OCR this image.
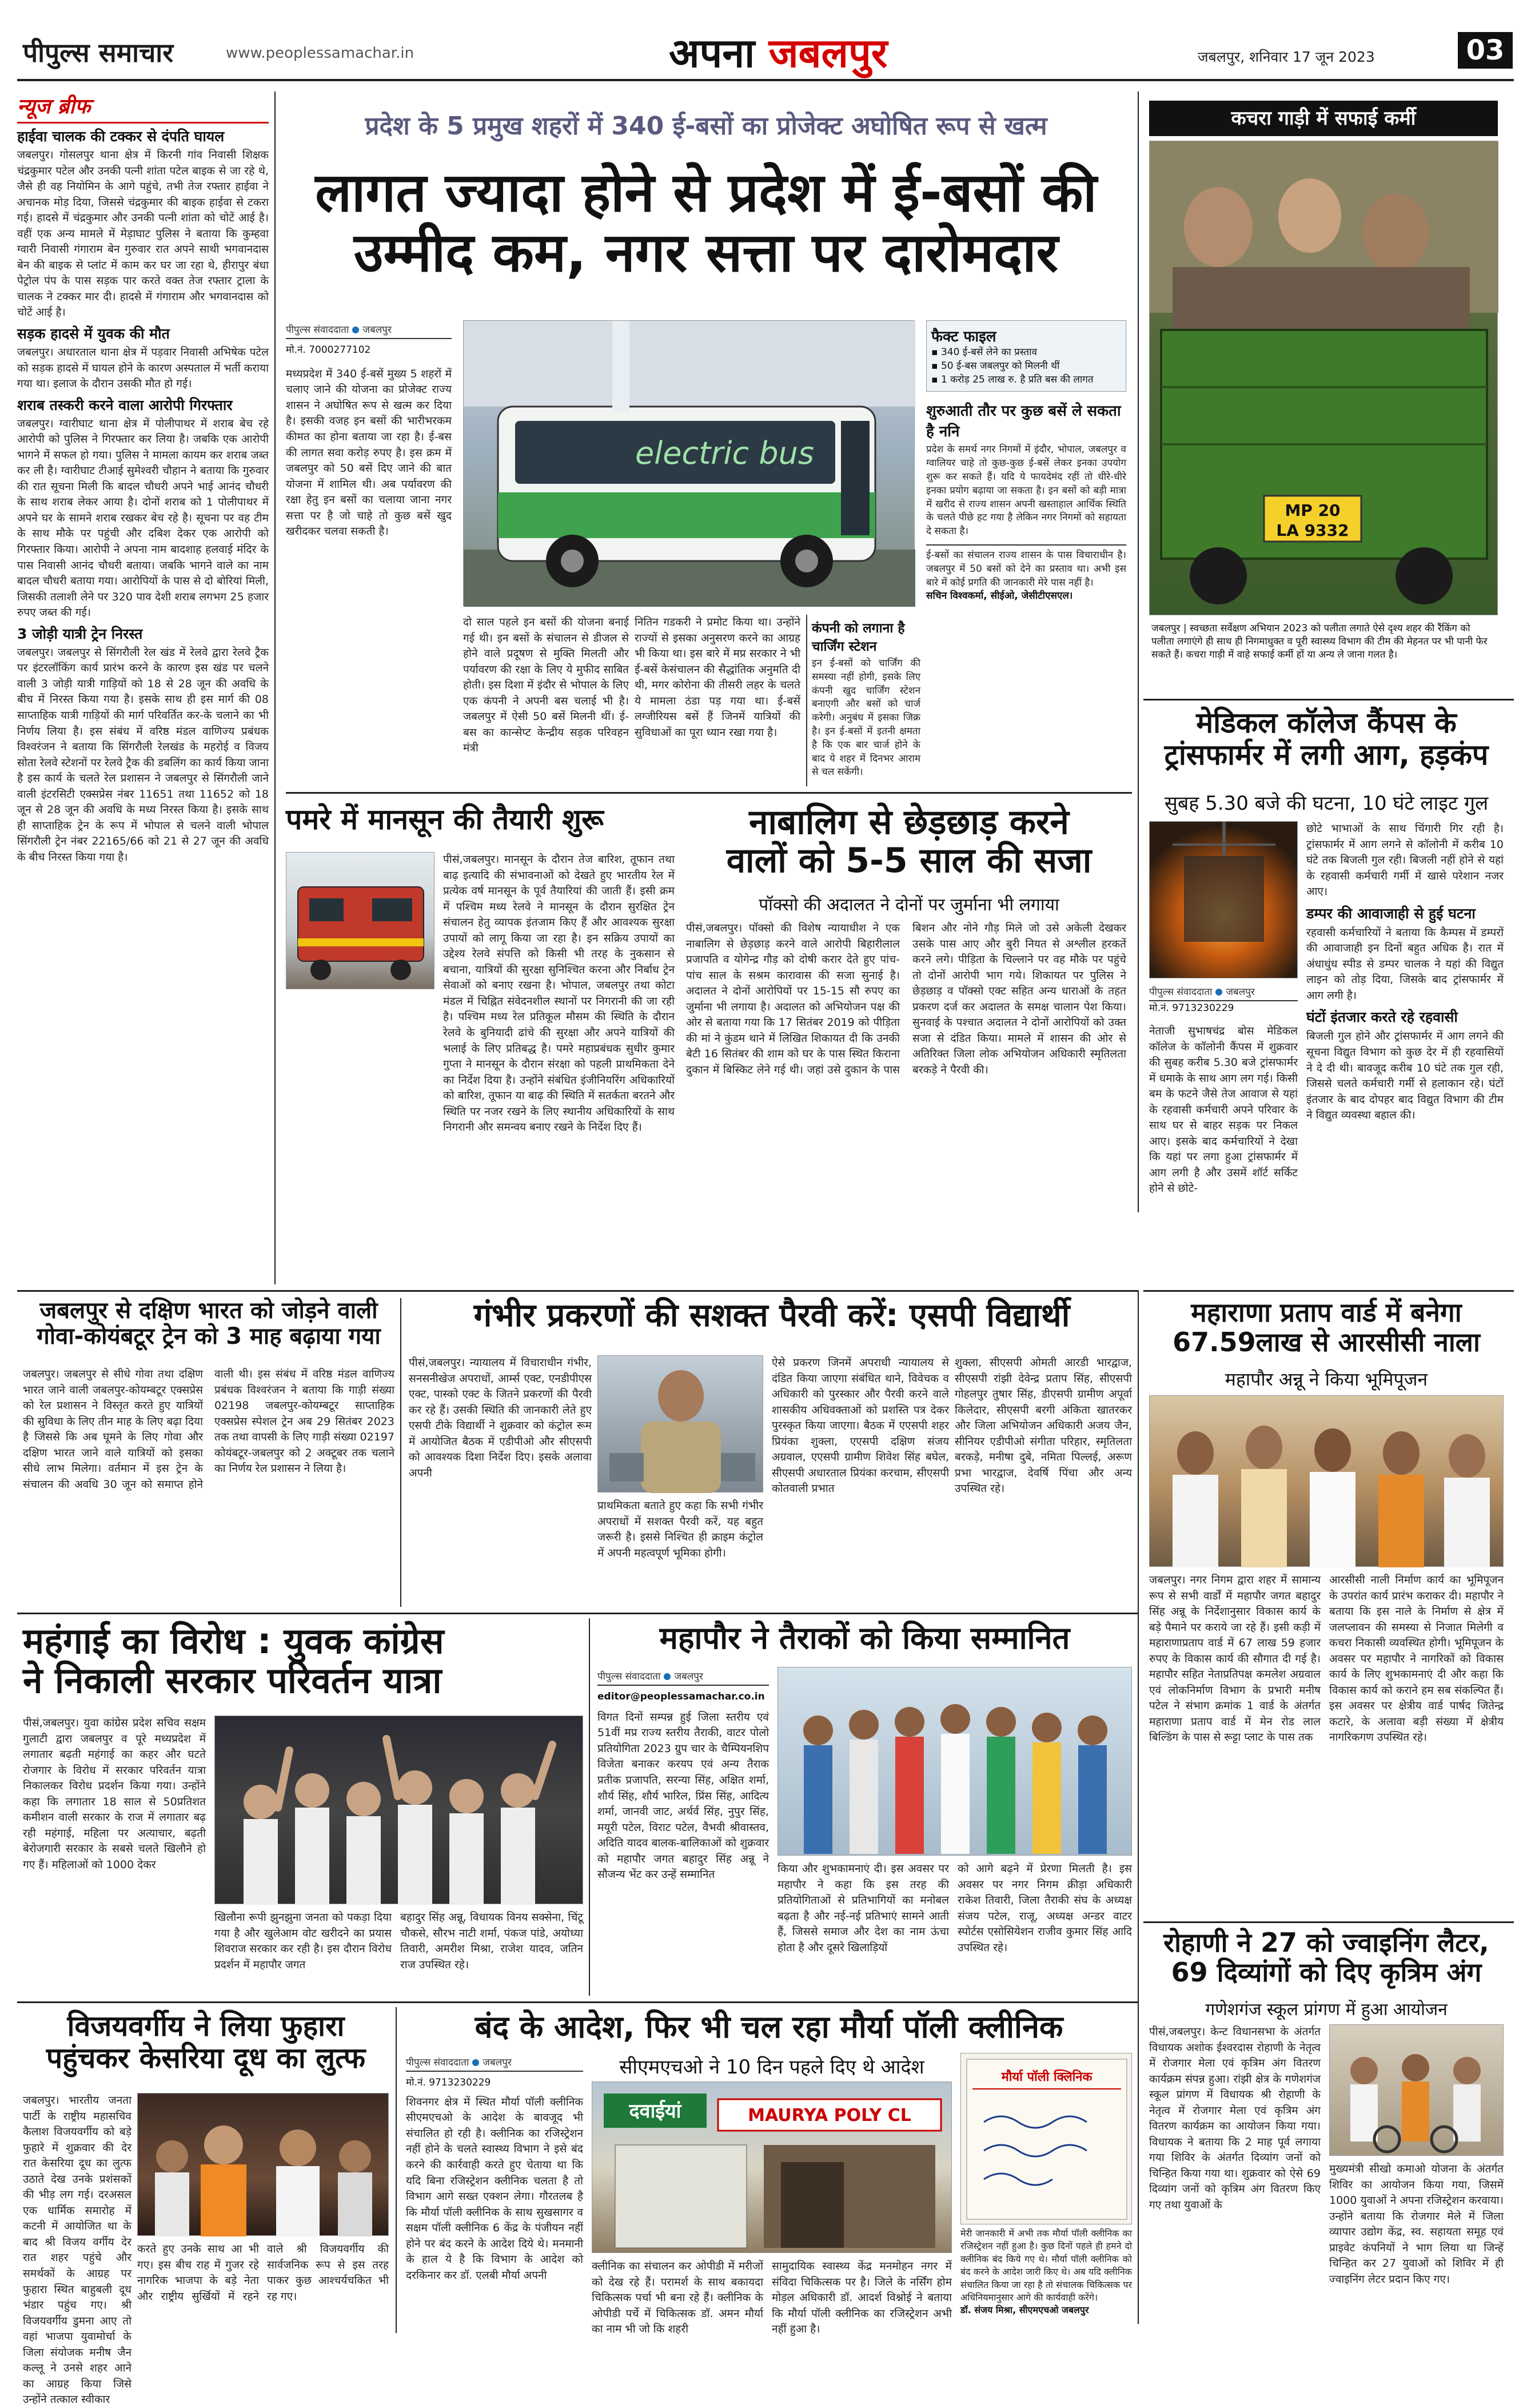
पीपुल्स समाचार	www.peoplessamachar.in	अपना जबलपुर	जबलपुर, शनिवार 17 जून 2023	03
न्यूज ब्रीफ
हाईवा चालक की टक्कर से दंपति घायल
जबलपुर। गोसलपुर थाना क्षेत्र में किरनी गांव निवासी शिक्षक चंद्रकुमार पटेल और उनकी पत्नी शांता पटेल बाइक से जा रहे थे, जैसे ही वह नियोमिन के आगे पहुंचे, तभी तेज रफ्तार हाईवा ने अचानक मोड़ दिया, जिससे चंद्रकुमार की बाइक हाईवा से टकरा गई। हादसे में चंद्रकुमार और उनकी पत्नी शांता को चोटें आई है। वहीं एक अन्य मामले में मेड़ाघाट पुलिस ने बताया कि कुम्हवा ग्वारी निवासी गंगाराम बेन गुरुवार रात अपने साथी भगवानदास बेन की बाइक से प्लांट में काम कर घर जा रहा थे, हीरापुर बंधा पेट्रोल पंप के पास सड़क पार करते वक्त तेज रफ्तार ट्राला के चालक ने टक्कर मार दी। हादसे में गंगाराम और भगवानदास को चोटें आई है।
सड़क हादसे में युवक की मौत
जबलपुर। अधारताल थाना क्षेत्र में पड़वार निवासी अभिषेक पटेल को सड़क हादसे में घायल होने के कारण अस्पताल में भर्ती कराया गया था। इलाज के दौरान उसकी मौत हो गई।
शराब तस्करी करने वाला आरोपी गिरफ्तार
जबलपुर। ग्वारीघाट थाना क्षेत्र में पोलीपाथर में शराब बेच रहे आरोपी को पुलिस ने गिरफ्तार कर लिया है। जबकि एक आरोपी भागने में सफल हो गया। पुलिस ने मामला कायम कर शराब जब्त कर ली है। ग्वारीघाट टीआई सुमेश्वरी चौहान ने बताया कि गुरुवार की रात सूचना मिली कि बादल चौधरी अपने भाई आनंद चौधरी के साथ शराब लेकर आया है। दोनों शराब को 1 पोलीपाथर में अपने घर के सामने शराब रखकर बेच रहे है। सूचना पर वह टीम के साथ मौके पर पहुंची और दबिश देकर एक आरोपी को गिरफ्तार किया। आरोपी ने अपना नाम बादशाह हलवाई मंदिर के पास निवासी आनंद चौधरी बताया। जबकि भागने वाले का नाम बादल चौधरी बताया गया। आरोपियों के पास से दो बोरियां मिली, जिसकी तलाशी लेने पर 320 पाव देशी शराब लगभग 25 हजार रुपए जब्त की गई।
3 जोड़ी यात्री ट्रेन निरस्त
जबलपुर। जबलपुर से सिंगरौली रेल खंड में रेलवे द्वारा रेलवे ट्रैक पर इंटरलॉकिंग कार्य प्रारंभ करने के कारण इस खंड पर चलने वाली 3 जोड़ी यात्री गाड़ियों को 18 से 28 जून की अवधि के बीच में निरस्त किया गया है। इसके साथ ही इस मार्ग की 08 साप्ताहिक यात्री गाड़ियों की मार्ग परिवर्तित कर-के चलाने का भी निर्णय लिया है। इस संबंध में वरिष्ठ मंडल वाणिज्य प्रबंधक विश्वरंजन ने बताया कि सिंगरौली रेलखंड के महरोई व विजय सोता रेलवे स्टेशनों पर रेलवे ट्रैक की डबलिंग का कार्य किया जाना है इस कार्य के चलते रेल प्रशासन ने जबलपुर से सिंगरौली जाने वाली इंटरसिटी एक्सप्रेस नंबर 11651 तथा 11652 को 18 जून से 28 जून की अवधि के मध्य निरस्त किया है। इसके साथ ही साप्ताहिक ट्रेन के रूप में भोपाल से चलने वाली भोपाल सिंगरौली ट्रेन नंबर 22165/66 को 21 से 27 जून की अवधि के बीच निरस्त किया गया है।
प्रदेश के 5 प्रमुख शहरों में 340 ई-बसों का प्रोजेक्ट अघोषित रूप से खत्म
लागत ज्यादा होने से प्रदेश में ई-बसों की
उम्मीद कम, नगर सत्ता पर दारोमदार
पीपुल्स संवाददाता जबलपुर
मो.नं. 7000277102
मध्यप्रदेश में 340 ई-बसें मुख्य 5 शहरों में चलाए जाने की योजना का प्रोजेक्ट राज्य शासन ने अघोषित रूप से खत्म कर दिया है। इसकी वजह इन बसों की भारीभरकम कीमत का होना बताया जा रहा है। ई-बस की लागत सवा करोड़ रुपए है। इस क्रम में जबलपुर को 50 बसें दिए जाने की बात योजना में शामिल थी। अब पर्यावरण की रक्षा हेतु इन बसों का चलाया जाना नगर सत्ता पर है जो चाहे तो कुछ बसें खुद खरीदकर चलवा सकती है।
electric bus
दो साल पहले इन बसों की योजना बनाई गई थी। इन बसों के संचालन से डीजल से होने वाले प्रदूषण से मुक्ति मिलती और पर्यावरण की रक्षा के लिए ये मुफीद साबित होती। इस दिशा में इंदौर से भोपाल के लिए एक कंपनी ने अपनी बस चलाई भी है। जबलपुर में ऐसी 50 बसें मिलनी थीं। ई-बस का कान्सेप्ट केन्द्रीय सड़क परिवहन मंत्री
नितिन गडकरी ने प्रमोट किया था। उन्होंने राज्यों से इसका अनुसरण करने का आग्रह भी किया था। इस बारे में मप्र सरकार ने भी ई-बसें केसंचालन की सैद्धांतिक अनुमति दी थी, मगर कोरोना की तीसरी लहर के चलते ये मामला ठंडा पड़ गया था। ई-बसें लग्जीरियस बसें हैं जिनमें यात्रियों की सुविधाओं का पूरा ध्यान रखा गया है।
कंपनी को लगाना है चार्जिंग स्टेशन
इन ई-बसों को चार्जिंग की समस्या नहीं होगी, इसके लिए कंपनी खुद चार्जिंग स्टेशन बनाएगी और बसों को चार्ज करेगी। अनुबंध में इसका जिक्र है। इन ई-बसों में इतनी क्षमता है कि एक बार चार्ज होने के बाद ये शहर में दिनभर आराम से चल सकेंगी।
फैक्ट फाइल
▪ 340 ई-बसें लेने का प्रस्ताव
▪ 50 ई-बस जबलपुर को मिलनी थीं
▪ 1 करोड़ 25 लाख रु. है प्रति बस की लागत
शुरुआती तौर पर कुछ बसें ले सकता है ननि
प्रदेश के समर्थ नगर निगमों में इंदौर, भोपाल, जबलपुर व ग्वालियर चाहे तो कुछ-कुछ ई-बसें लेकर इनका उपयोग शुरू कर सकते हैं। यदि ये फायदेमंद रहीं तो धीरे-धीरे इनका प्रयोग बढ़ाया जा सकता है। इन बसों को बड़ी मात्रा में खरीद से राज्य शासन अपनी खस्ताहाल आर्थिक स्थिति के चलते पीछे हट गया है लेकिन नगर निगमों को सहायता दे सकता है।
ई-बसों का संचालन राज्य शासन के पास विचाराधीन है। जबलपुर में 50 बसों को देने का प्रस्ताव था। अभी इस बारे में कोई प्रगति की जानकारी मेरे पास नहीं है।
सचिन विश्वकर्मा, सीईओ, जेसीटीएसएल।
कचरा गाड़ी में सफाई कर्मी
MP 20
LA 9332
जबलपुर | स्वच्छता सर्वेक्षण अभियान 2023 को पलीता लगाते ऐसे दृश्य शहर की रैंकिंग को पलीता लगाएंगे ही साथ ही निगमाधुक्त व पूरी स्वास्थ्य विभाग की टीम की मेहनत पर भी पानी फेर सकते हैं। कचरा गाड़ी में वाहे सफाई कर्मी हों या अन्य ले जाना गलत है।
मेडिकल कॉलेज कैंपस के ट्रांसफार्मर में लगी आग, हड़कंप
सुबह 5.30 बजे की घटना, 10 घंटे लाइट गुल
पीपुल्स संवाददाता जबलपुर
मो.नं. 9713230229
नेताजी सुभाषचंद्र बोस मेडिकल कॉलेज के कॉलोनी कैंपस में शुक्रवार की सुबह करीब 5.30 बजे ट्रांसफार्मर में धमाके के साथ आग लग गई। किसी बम के फटने जैसे तेज आवाज से यहां के रहवासी कर्मचारी अपने परिवार के साथ घर से बाहर सड़क पर निकल आए। इसके बाद कर्मचारियों ने देखा कि यहां पर लगा हुआ ट्रांसफार्मर में आग लगी है और उसमें शॉर्ट सर्किट होने से छोटे-
छोटे भाभाओं के साथ चिंगारी गिर रही है। ट्रांसफार्मर में आग लगने से कॉलोनी में करीब 10 घंटे तक बिजली गुल रही। बिजली नहीं होने से यहां के रहवासी कर्मचारी गर्मी में खासे परेशान नजर आए।
डम्पर की आवाजाही से हुई घटना
रहवासी कर्मचारियों ने बताया कि कैम्पस में डम्परों की आवाजाही इन दिनों बहुत अधिक है। रात में अंधाधुंध स्पीड से डम्पर चालक ने यहां की विद्युत लाइन को तोड़ दिया, जिसके बाद ट्रांसफार्मर में आग लगी है।
घंटों इंतजार करते रहे रहवासी
बिजली गुल होने और ट्रांसफार्मर में आग लगने की सूचना विद्युत विभाग को कुछ देर में ही रहवासियों ने दे दी थी। बावजूद करीब 10 घंटे तक गुल रही, जिससे चलते कर्मचारी गर्मी से हलाकान रहे। घंटों इंतजार के बाद दोपहर बाद विद्युत विभाग की टीम ने विद्युत व्यवस्था बहाल की।
पमरे में मानसून की तैयारी शुरू
पीसं,जबलपुर। मानसून के दौरान तेज बारिश, तूफान तथा बाढ़ इत्यादि की संभावनाओं को देखते हुए भारतीय रेल में प्रत्येक वर्ष मानसून के पूर्व तैयारियां की जाती हैं। इसी क्रम में पश्चिम मध्य रेलवे ने मानसून के दौरान सुरक्षित ट्रेन संचालन हेतु व्यापक इंतजाम किए हैं और आवश्यक सुरक्षा उपायों को लागू किया जा रहा है। इन सक्रिय उपायों का उद्देश्य रेलवे संपत्ति को किसी भी तरह के नुकसान से बचाना, यात्रियों की सुरक्षा सुनिश्चित करना और निर्बाध ट्रेन सेवाओं को बनाए रखना है। भोपाल, जबलपुर तथा कोटा मंडल में चिह्नित संवेदनशील स्थानों पर निगरानी की जा रही है। पश्चिम मध्य रेल प्रतिकूल मौसम की स्थिति के दौरान रेलवे के बुनियादी ढांचे की सुरक्षा और अपने यात्रियों की भलाई के लिए प्रतिबद्ध है। पमरे महाप्रबंधक सुधीर कुमार गुप्ता ने मानसून के दौरान संरक्षा को पहली प्राथमिकता देने का निर्देश दिया है। उन्होंने संबंधित इंजीनियरिंग अधिकारियों को बारिश, तूफान या बाढ़ की स्थिति में सतर्कता बरतने और स्थिति पर नजर रखने के लिए स्थानीय अधिकारियों के साथ निगरानी और समन्वय बनाए रखने के निर्देश दिए हैं।
नाबालिग से छेड़छाड़ करने
वालों को 5-5 साल की सजा
पॉक्सो की अदालत ने दोनों पर जुर्माना भी लगाया
पीसं,जबलपुर। पॉक्सो की विशेष न्यायाधीश ने एक नाबालिग से छेड़छाड़ करने वाले आरोपी बिहारीलाल प्रजापति व योगेन्द्र गौड़ को दोषी करार देते हुए पांच-पांच साल के सश्रम कारावास की सजा सुनाई है। अदालत ने दोनों आरोपियों पर 15-15 सौ रुपए का जुर्माना भी लगाया है। अदालत को अभियोजन पक्ष की ओर से बताया गया कि 17 सितंबर 2019 को पीड़िता की मां ने कुंडम थाने में लिखित शिकायत दी कि उनकी बेटी 16 सितंबर की शाम को घर के पास स्थित किराना दुकान में बिस्किट लेने गई थी। जहां उसे दुकान के पास बिशन और नोने गौड़ मिले जो उसे अकेली देखकर उसके पास आए और बुरी नियत से अश्लील हरकतें करने लगे। पीड़िता के चिल्लाने पर वह मौके पर पहुंचे तो दोनों आरोपी भाग गये। शिकायत पर पुलिस ने छेड़छाड़ व पॉक्सो एक्ट सहित अन्य धाराओं के तहत प्रकरण दर्ज कर अदालत के समक्ष चालान पेश किया। सुनवाई के पश्चात अदालत ने दोनों आरोपियों को उक्त सजा से दंडित किया। मामले में शासन की ओर से अतिरिक्त जिला लोक अभियोजन अधिकारी स्मृतिलता बरकड़े ने पैरवी की।
जबलपुर से दक्षिण भारत को जोड़ने वाली गोवा-कोयंबटूर ट्रेन को 3 माह बढ़ाया गया
जबलपुर। जबलपुर से सीधे गोवा तथा दक्षिण भारत जाने वाली जबलपुर-कोयम्बटूर एक्सप्रेस को रेल प्रशासन ने विस्तृत करते हुए यात्रियों की सुविधा के लिए तीन माह के लिए बढ़ा दिया है जिससे कि अब घूमने के लिए गोवा और दक्षिण भारत जाने वाले यात्रियों को इसका सीधे लाभ मिलेगा। वर्तमान में इस ट्रेन के संचालन की अवधि 30 जून को समाप्त होने वाली थी। इस संबंध में वरिष्ठ मंडल वाणिज्य प्रबंधक विश्वरंजन ने बताया कि गाड़ी संख्या 02198 जबलपुर-कोयम्बटूर साप्ताहिक एक्सप्रेस स्पेशल ट्रेन अब 29 सितंबर 2023 तक तथा वापसी के लिए गाड़ी संख्या 02197 कोयंबटूर-जबलपुर को 2 अक्टूबर तक चलाने का निर्णय रेल प्रशासन ने लिया है।
गंभीर प्रकरणों की सशक्त पैरवी करें: एसपी विद्यार्थी
पीसं,जबलपुर। न्यायालय में विचाराधीन गंभीर, सनसनीखेज अपराधों, आर्म्स एक्ट, एनडीपीएस एक्ट, पास्को एक्ट के जितने प्रकरणों की पैरवी कर रहे हैं। उसकी स्थिति की जानकारी लेते हुए एसपी टीके विद्यार्थी ने शुक्रवार को कंट्रोल रूम में आयोजित बैठक में एडीपीओ और सीएसपी को आवश्यक दिशा निर्देश दिए। इसके अलावा अपनी
प्राथमिकता बताते हुए कहा कि सभी गंभीर अपराधों में सशक्त पैरवी करें, यह बहुत जरूरी है। इससे निश्चित ही क्राइम कंट्रोल में अपनी महत्वपूर्ण भूमिका होगी।
ऐसे प्रकरण जिनमें अपराधी न्यायालय से दंडित किया जाएगा संबंधित थाने, विवेचक व अधिकारी को पुरस्कार और पैरवी करने वाले शासकीय अधिवक्ताओं को प्रशस्ति पत्र देकर पुरस्कृत किया जाएगा। बैठक में एएसपी शहर प्रियंका शुक्ला, एएसपी दक्षिण संजय अग्रवाल, एएसपी ग्रामीण शिवेश सिंह बघेल, सीएसपी अधारताल प्रियंका करचाम, सीएसपी कोतवाली प्रभात
शुक्ला, सीएसपी ओमती आरडी भारद्वाज, सीएसपी रांझी देवेन्द्र प्रताप सिंह, सीएसपी गोहलपुर तुषार सिंह, डीएसपी ग्रामीण अपूर्वा किलेदार, सीएसपी बरगी अंकिता खातरकर और जिला अभियोजन अधिकारी अजय जैन, सीनियर एडीपीओ संगीता परिहार, स्मृतिलता बरकड़े, मनीषा दुबे, नमिता पिल्लई, अरूण प्रभा भारद्वाज, देवर्षि पिंचा और अन्य उपस्थित रहे।
महाराणा प्रताप वार्ड में बनेगा 67.59लाख से आरसीसी नाला
महापौर अन्नू ने किया भूमिपूजन
जबलपुर। नगर निगम द्वारा शहर में सामान्य रूप से सभी वार्डों में महापौर जगत बहादुर सिंह अन्नू के निर्देशानुसार विकास कार्य के बड़े पैमाने पर कराये जा रहे हैं। इसी कड़ी में महाराणाप्रताप वार्ड में 67 लाख 59 हजार रुपए के विकास कार्य की सौगात दी गई है। महापौर सहित नेताप्रतिपक्ष कमलेश अग्रवाल एवं लोकनिर्माण विभाग के प्रभारी मनीष पटेल ने संभाग क्रमांक 1 वार्ड के अंतर्गत महाराणा प्रताप वार्ड में मेन रोड लाल बिल्डिंग के पास से रूट्टा प्लाट के पास तक
आरसीसी नाली निर्माण कार्य का भूमिपूजन के उपरांत कार्य प्रारंभ कराकर दी। महापौर ने बताया कि इस नाले के निर्माण से क्षेत्र में जलप्लावन की समस्या से निजात मिलेगी व कचरा निकासी व्यवस्थित होगी। भूमिपूजन के अवसर पर महापौर ने नागरिकों को विकास कार्य के लिए शुभकामनाएं दी और कहा कि विकास कार्य को कराने हम सब संकल्पित हैं। इस अवसर पर क्षेत्रीय वार्ड पार्षद जितेन्द्र कटारे, के अलावा बड़ी संख्या में क्षेत्रीय नागरिकगण उपस्थित रहे।
महंगाई का विरोध : युवक कांग्रेस
ने निकाली सरकार परिवर्तन यात्रा
पीसं,जबलपुर। युवा कांग्रेस प्रदेश सचिव सक्षम गुलाटी द्वारा जबलपुर व पूरे मध्यप्रदेश में लगातार बढ़ती महंगाई का कहर और घटते रोजगार के विरोध में सरकार परिवर्तन यात्रा निकालकर विरोध प्रदर्शन किया गया। उन्होंने कहा कि लगातार 18 साल से 50प्रतिशत कमीशन वाली सरकार के राज में लगातार बढ़ रही महंगाई, महिला पर अत्याचार, बढ़ती बेरोजगारी सरकार के सबसे चलते खिलौने हो गए हैं। महिलाओं को 1000 देकर
खिलौना रूपी झुनझुना जनता को पकड़ा दिया गया है और खुलेआम वोट खरीदने का प्रयास शिवराज सरकार कर रही है। इस दौरान विरोध प्रदर्शन में महापौर जगत
बहादुर सिंह अन्नू, विधायक विनय सक्सेना, चिंटू चौकसे, सौरभ नाटी शर्मा, पंकज पांडे, अयोध्या तिवारी, अमरीश मिश्रा, राजेश यादव, जतिन राज उपस्थित रहे।
महापौर ने तैराकों को किया सम्मानित
पीपुल्स संवाददाता जबलपुर
editor@peoplessamachar.co.in
विगत दिनों सम्पन्न हुई जिला स्तरीय एवं 51वीं मप्र राज्य स्तरीय तैराकी, वाटर पोलो प्रतियोगिता 2023 ग्रुप चार के चैम्पियनशिप विजेता बनाकर करयप एवं अन्य तैराक प्रतीक प्रजापति, सरन्या सिंह, अक्षित शर्मा, शौर्य सिंह, शौर्य भारिल, प्रिंस सिंह, आदित्य शर्मा, जानवी जाट, अर्थर्व सिंह, नुपुर सिंह, मयूरी पटेल, विराट पटेल, वैभवी श्रीवास्तव, अदिति यादव बालक-बालिकाओं को शुक्रवार को महापौर जगत बहादुर सिंह अन्नू ने सौजन्य भेंट कर उन्हें सम्मानित	किया और शुभकामनाएं दी। इस अवसर पर महापौर ने कहा कि इस तरह की प्रतियोगिताओं से प्रतिभागियों का मनोबल बढ़ता है और नई-नई प्रतिभाएं सामने आती हैं, जिससे समाज और देश का नाम ऊंचा होता है और दूसरे खिलाड़ियों
को आगे बढ़ने में प्रेरणा मिलती है। इस अवसर पर नगर निगम क्रीड़ा अधिकारी राकेश तिवारी, जिला तैराकी संघ के अध्यक्ष संजय पटेल, राजू, अध्यक्ष अन्डर वाटर स्पोर्टस एसोसियेशन राजीव कुमार सिंह आदि उपस्थित रहे।
विजयवर्गीय ने लिया फुहारा
पहुंचकर केसरिया दूध का लुत्फ
जबलपुर। भारतीय जनता पार्टी के राष्ट्रीय महासचिव कैलाश विजयवर्गीय को बड़े फुहारे में शुक्रवार की देर रात केसरिया दूध का लुत्फ उठाते देख उनके प्रशंसकों की भीड़ लग गई। दरअसल एक धार्मिक समारोह में कटनी में आयोजित था के बाद श्री विजय वर्गीय देर रात शहर पहुंचे और समर्थकों के आग्रह पर फुहारा स्थित बाहुबली दूध भंडार पहुंच गए। श्री विजयवर्गीय डुमना आए तो वहां भाजपा युवामोर्चा के जिला संयोजक मनीष जैन कल्लू ने उनसे शहर आने का आग्रह किया जिसे उन्होंने तत्काल स्वीकार
करते हुए उनके साथ आ भी गए। इस बीच राह में गुजर रहे नागरिक भाजपा के बड़े नेता और राष्ट्रीय सुर्खियों में रहने वाले श्री विजयवर्गीय की सार्वजनिक रूप से इस तरह पाकर कुछ आश्चर्यचकित भी रह गए।
बंद के आदेश, फिर भी चल रहा मौर्या पॉली क्लीनिक
सीएमएचओ ने 10 दिन पहले दिए थे आदेश
पीपुल्स संवाददाता जबलपुर
मो.नं. 9713230229
शिवनगर क्षेत्र में स्थित मौर्या पॉली क्लीनिक सीएमएचओ के आदेश के बावजूद भी संचालित हो रही है। क्लीनिक का रजिस्ट्रेशन नहीं होने के चलते स्वास्थ्य विभाग ने इसे बंद करने की कार्रवाही करते हुए चेताया था कि यदि बिना रजिस्ट्रेशन क्लीनिक चलता है तो विभाग आगे सख्त एक्शन लेगा। गौरतलब है कि मौर्या पॉली क्लीनिक के साथ सुखसागर व सक्षम पॉली क्लीनिक 6 केंद्र के पंजीयन नहीं होने पर बंद करने के आदेश दिये थे। मनमानी के हाल ये है कि विभाग के आदेश को दरकिनार कर डॉ. एलबी मौर्या अपनी
दवाईयां	MAURYA POLY CL
क्लीनिक का संचालन कर ओपीडी में मरीजों को देख रहे हैं। परामर्श के साथ बकायदा चिकित्सक पर्चा भी बना रहे हैं। क्लीनिक के ओपीडी पर्चे में चिकित्सक डॉ. अमन मौर्या का नाम भी जो कि शहरी
सामुदायिक स्वास्थ्य केंद्र मनमोहन नगर में संविदा चिकित्सक पर है। जिले के नर्सिंग होम मोड़ल अधिकारी डॉ. आदर्श विश्नोई ने बताया कि मौर्या पॉली क्लीनिक का रजिस्ट्रेशन अभी नहीं हुआ है।
मौर्या पॉली क्लिनिक
मेरी जानकारी में अभी तक मौर्या पॉली क्लीनिक का रजिस्ट्रेशन नहीं हुआ है। कुछ दिनों पहले ही हमने दो क्लीनिक बंद किये गए थे। मौर्या पॉली क्लीनिक को बंद करने के आदेश जारी किए थे। अब यदि क्लीनिक संचालित किया जा रहा है तो संचालक चिकित्सक पर अधिनियमानुसार आगे की कार्यवाही करेंगे।
डॉ. संजय मिश्रा, सीएमएचओ जबलपुर
रोहाणी ने 27 को ज्वाइनिंग लैटर, 69 दिव्यांगों को दिए कृत्रिम अंग
गणेशगंज स्कूल प्रांगण में हुआ आयोजन
पीसं,जबलपुर। केन्ट विधानसभा के अंतर्गत विधायक अशोक ईश्वरदास रोहाणी के नेतृत्व में रोजगार मेला एवं कृत्रिम अंग वितरण कार्यक्रम संपन्न हुआ। रांझी क्षेत्र के गणेशगंज स्कूल प्रांगण में विधायक श्री रोहाणी के नेतृत्व में रोजगार मेला एवं कृत्रिम अंग वितरण कार्यक्रम का आयोजन किया गया। विधायक ने बताया कि 2 माह पूर्व लगाया गया शिविर के अंतर्गत दिव्यांग जनों को चिन्हित किया गया था। शुक्रवार को ऐसे 69 दिव्यांग जनों को कृत्रिम अंग वितरण किए गए तथा युवाओं के
मुख्यमंत्री सीखो कमाओ योजना के अंतर्गत शिविर का आयोजन किया गया, जिसमें 1000 युवाओं ने अपना रजिस्ट्रेशन करवाया। उन्होंने बताया कि रोजगार मेले में जिला व्यापार उद्योग केंद्र, स्व. सहायता समूह एवं प्राइवेट कंपनियों ने भाग लिया था जिन्हें चिन्हित कर 27 युवाओं को शिविर में ही ज्वाइनिंग लेटर प्रदान किए गए।
